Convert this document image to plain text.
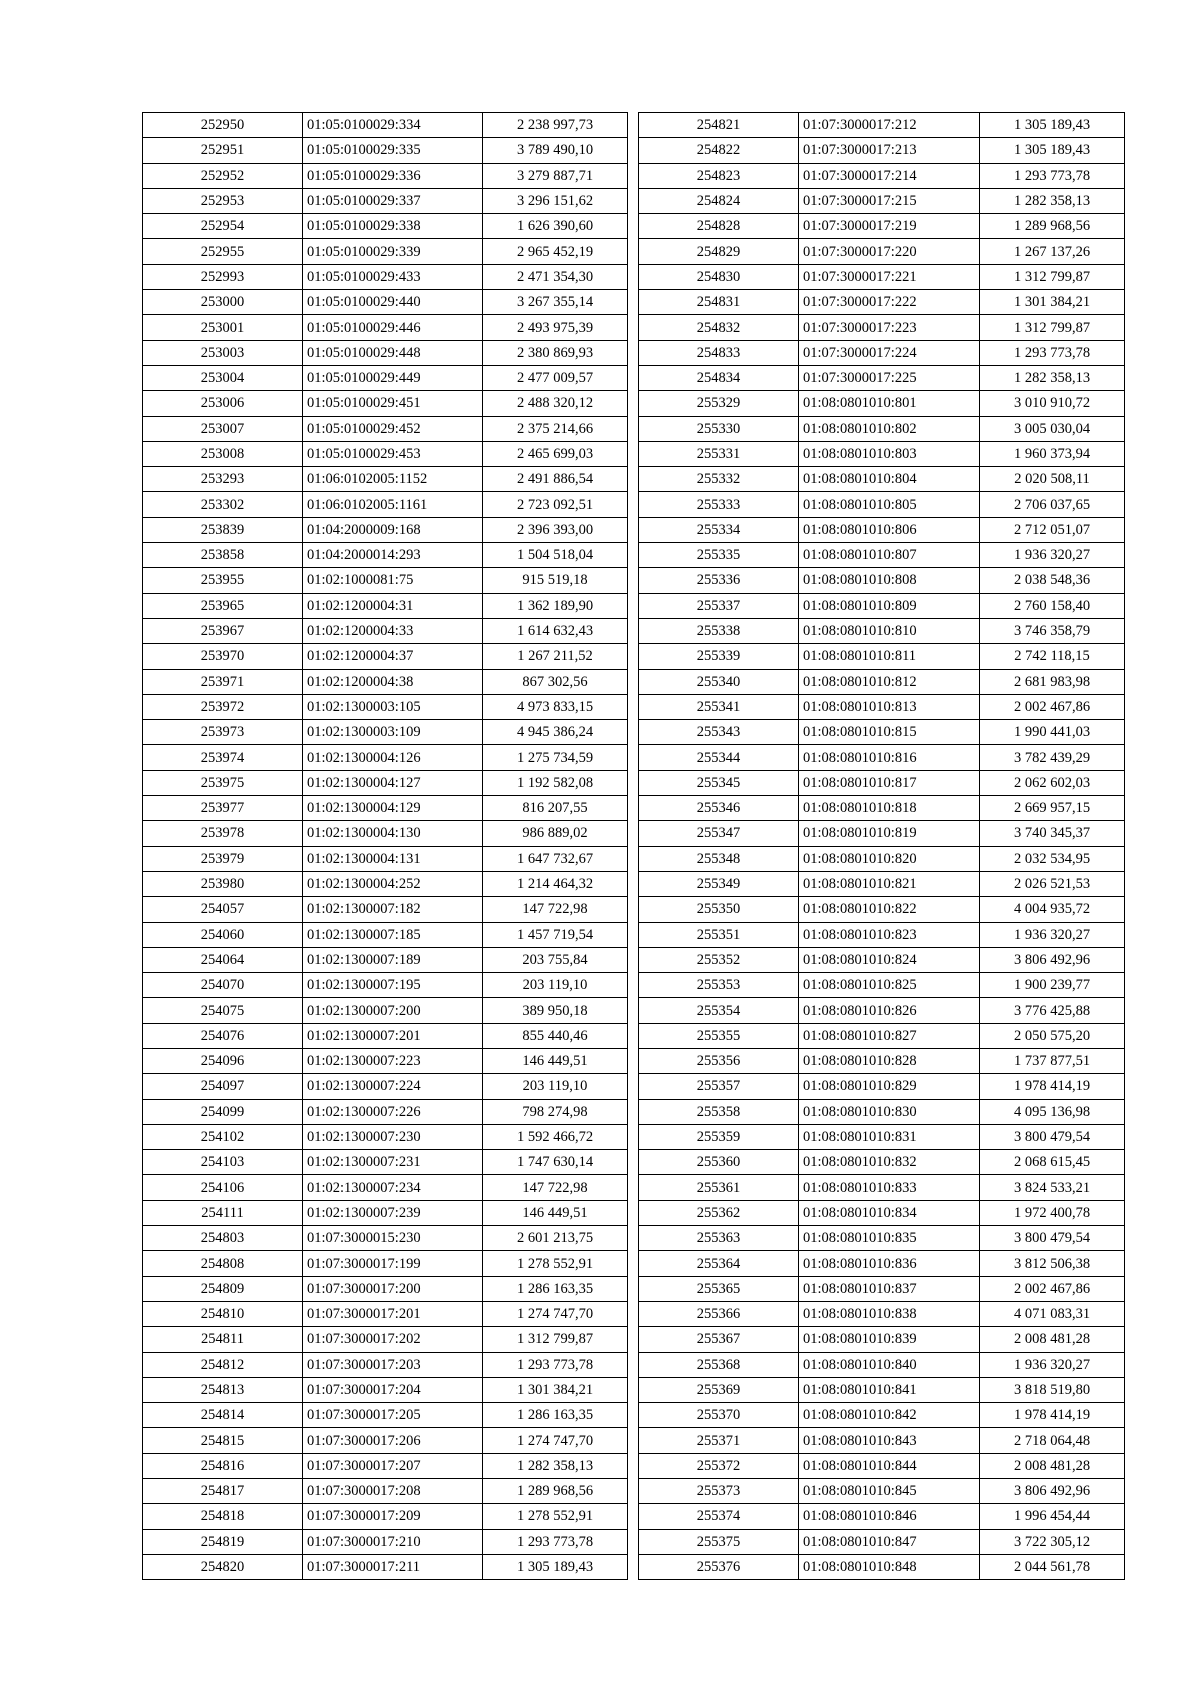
252950	01:05:0100029:334	2 238 997,73
252951	01:05:0100029:335	3 789 490,10
252952	01:05:0100029:336	3 279 887,71
252953	01:05:0100029:337	3 296 151,62
252954	01:05:0100029:338	1 626 390,60
252955	01:05:0100029:339	2 965 452,19
252993	01:05:0100029:433	2 471 354,30
253000	01:05:0100029:440	3 267 355,14
253001	01:05:0100029:446	2 493 975,39
253003	01:05:0100029:448	2 380 869,93
253004	01:05:0100029:449	2 477 009,57
253006	01:05:0100029:451	2 488 320,12
253007	01:05:0100029:452	2 375 214,66
253008	01:05:0100029:453	2 465 699,03
253293	01:06:0102005:1152	2 491 886,54
253302	01:06:0102005:1161	2 723 092,51
253839	01:04:2000009:168	2 396 393,00
253858	01:04:2000014:293	1 504 518,04
253955	01:02:1000081:75	915 519,18
253965	01:02:1200004:31	1 362 189,90
253967	01:02:1200004:33	1 614 632,43
253970	01:02:1200004:37	1 267 211,52
253971	01:02:1200004:38	867 302,56
253972	01:02:1300003:105	4 973 833,15
253973	01:02:1300003:109	4 945 386,24
253974	01:02:1300004:126	1 275 734,59
253975	01:02:1300004:127	1 192 582,08
253977	01:02:1300004:129	816 207,55
253978	01:02:1300004:130	986 889,02
253979	01:02:1300004:131	1 647 732,67
253980	01:02:1300004:252	1 214 464,32
254057	01:02:1300007:182	147 722,98
254060	01:02:1300007:185	1 457 719,54
254064	01:02:1300007:189	203 755,84
254070	01:02:1300007:195	203 119,10
254075	01:02:1300007:200	389 950,18
254076	01:02:1300007:201	855 440,46
254096	01:02:1300007:223	146 449,51
254097	01:02:1300007:224	203 119,10
254099	01:02:1300007:226	798 274,98
254102	01:02:1300007:230	1 592 466,72
254103	01:02:1300007:231	1 747 630,14
254106	01:02:1300007:234	147 722,98
254111	01:02:1300007:239	146 449,51
254803	01:07:3000015:230	2 601 213,75
254808	01:07:3000017:199	1 278 552,91
254809	01:07:3000017:200	1 286 163,35
254810	01:07:3000017:201	1 274 747,70
254811	01:07:3000017:202	1 312 799,87
254812	01:07:3000017:203	1 293 773,78
254813	01:07:3000017:204	1 301 384,21
254814	01:07:3000017:205	1 286 163,35
254815	01:07:3000017:206	1 274 747,70
254816	01:07:3000017:207	1 282 358,13
254817	01:07:3000017:208	1 289 968,56
254818	01:07:3000017:209	1 278 552,91
254819	01:07:3000017:210	1 293 773,78
254820	01:07:3000017:211	1 305 189,43
254821	01:07:3000017:212	1 305 189,43
254822	01:07:3000017:213	1 305 189,43
254823	01:07:3000017:214	1 293 773,78
254824	01:07:3000017:215	1 282 358,13
254828	01:07:3000017:219	1 289 968,56
254829	01:07:3000017:220	1 267 137,26
254830	01:07:3000017:221	1 312 799,87
254831	01:07:3000017:222	1 301 384,21
254832	01:07:3000017:223	1 312 799,87
254833	01:07:3000017:224	1 293 773,78
254834	01:07:3000017:225	1 282 358,13
255329	01:08:0801010:801	3 010 910,72
255330	01:08:0801010:802	3 005 030,04
255331	01:08:0801010:803	1 960 373,94
255332	01:08:0801010:804	2 020 508,11
255333	01:08:0801010:805	2 706 037,65
255334	01:08:0801010:806	2 712 051,07
255335	01:08:0801010:807	1 936 320,27
255336	01:08:0801010:808	2 038 548,36
255337	01:08:0801010:809	2 760 158,40
255338	01:08:0801010:810	3 746 358,79
255339	01:08:0801010:811	2 742 118,15
255340	01:08:0801010:812	2 681 983,98
255341	01:08:0801010:813	2 002 467,86
255343	01:08:0801010:815	1 990 441,03
255344	01:08:0801010:816	3 782 439,29
255345	01:08:0801010:817	2 062 602,03
255346	01:08:0801010:818	2 669 957,15
255347	01:08:0801010:819	3 740 345,37
255348	01:08:0801010:820	2 032 534,95
255349	01:08:0801010:821	2 026 521,53
255350	01:08:0801010:822	4 004 935,72
255351	01:08:0801010:823	1 936 320,27
255352	01:08:0801010:824	3 806 492,96
255353	01:08:0801010:825	1 900 239,77
255354	01:08:0801010:826	3 776 425,88
255355	01:08:0801010:827	2 050 575,20
255356	01:08:0801010:828	1 737 877,51
255357	01:08:0801010:829	1 978 414,19
255358	01:08:0801010:830	4 095 136,98
255359	01:08:0801010:831	3 800 479,54
255360	01:08:0801010:832	2 068 615,45
255361	01:08:0801010:833	3 824 533,21
255362	01:08:0801010:834	1 972 400,78
255363	01:08:0801010:835	3 800 479,54
255364	01:08:0801010:836	3 812 506,38
255365	01:08:0801010:837	2 002 467,86
255366	01:08:0801010:838	4 071 083,31
255367	01:08:0801010:839	2 008 481,28
255368	01:08:0801010:840	1 936 320,27
255369	01:08:0801010:841	3 818 519,80
255370	01:08:0801010:842	1 978 414,19
255371	01:08:0801010:843	2 718 064,48
255372	01:08:0801010:844	2 008 481,28
255373	01:08:0801010:845	3 806 492,96
255374	01:08:0801010:846	1 996 454,44
255375	01:08:0801010:847	3 722 305,12
255376	01:08:0801010:848	2 044 561,78
